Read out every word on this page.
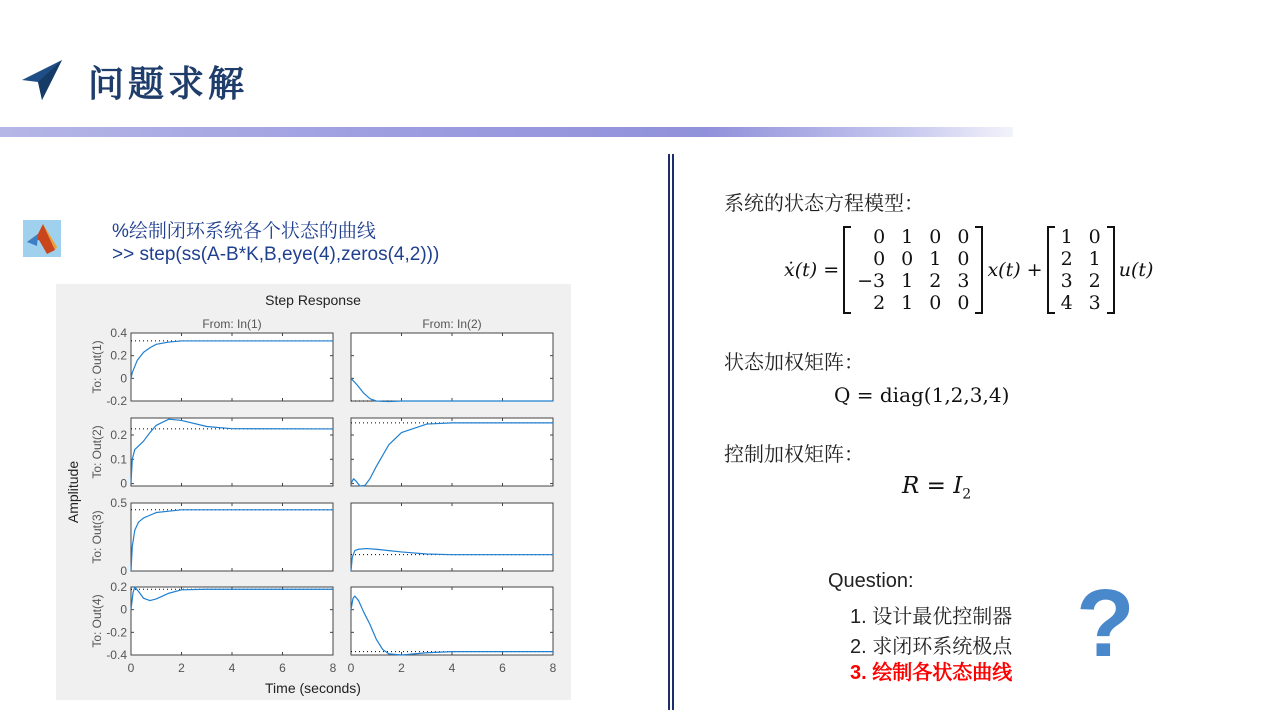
问题求解
%绘制闭环系统各个状态的曲线
>> step(ss(A-B*K,B,eye(4),zeros(4,2)))
Step Response
From: In(1)	From: In(2)
Time (seconds)
Amplitude
To: Out(1)
-0.2
0
0.2
0.4
To: Out(2)
0
0.1
0.2
To: Out(3)
0
0.5
To: Out(4)
-0.4
-0.2
0
0.2
0	2	4	6	8 0	2	4	6	8
系统的状态方程模型：
ẋ(t) =
0 1 0 0
0 0 1 0
−3 1 2 3
2 1 0 0
x(t) +
1 0
2 1
3 2
4 3
u(t)
状态加权矩阵：
Q = diag(1,2,3,4)
控制加权矩阵：
$R = I_2$
Question:
1. 设计最优控制器
2. 求闭环系统极点
3. 绘制各状态曲线 ?
